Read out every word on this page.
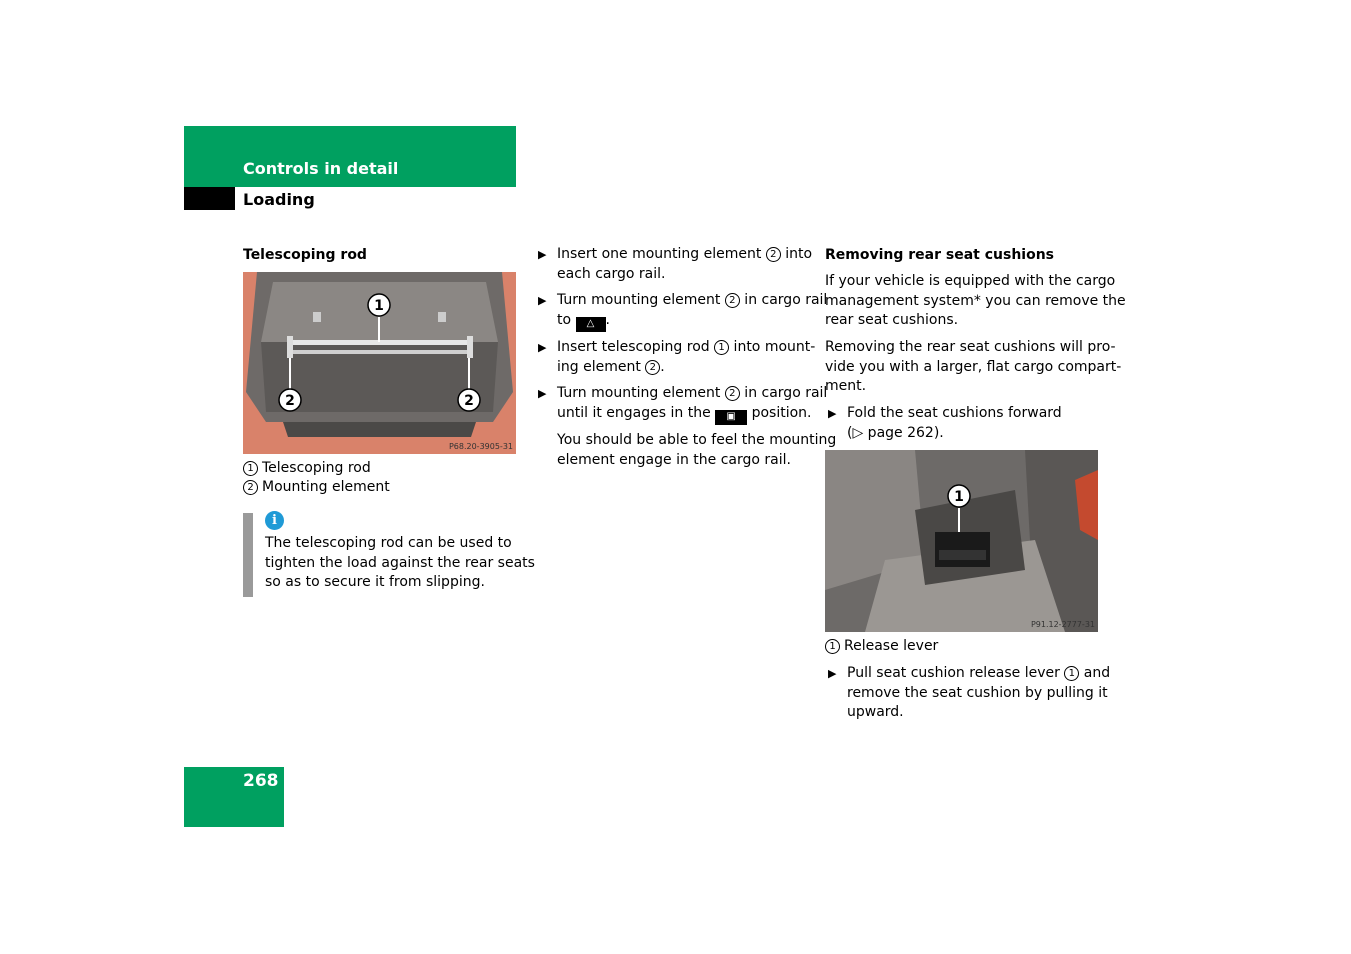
Controls in detail
Loading
Telescoping rod
1
2	2
P68.20-3905-31
1 Telescoping rod
2 Mounting element
i
The telescoping rod can be used to
tighten the load against the rear seats
so as to secure it from slipping.
▶ Insert one mounting element 2 into
each cargo rail.
▶ Turn mounting element 2 in cargo rail
to △ .
▶ Insert telescoping rod 1 into mount-
ing element 2 .
▶ Turn mounting element 2 in cargo rail
until it engages in the ▣ position.
You should be able to feel the mounting
element engage in the cargo rail.
Removing rear seat cushions
If your vehicle is equipped with the cargo
management system* you can remove the
rear seat cushions.
Removing the rear seat cushions will pro-
vide you with a larger, flat cargo compart-
ment.
▶ Fold the seat cushions forward
(▷ page 262).
1
P91.12-2777-31
1 Release lever
▶ Pull seat cushion release lever 1 and
remove the seat cushion by pulling it
upward.
268
